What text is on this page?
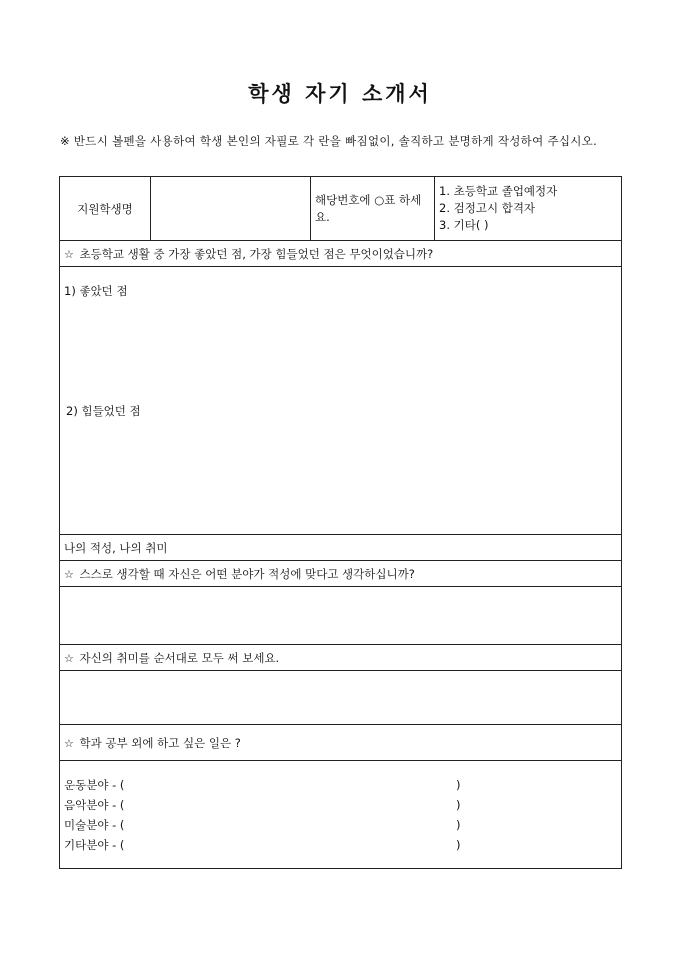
학생 자기 소개서
※ 반드시 볼펜을 사용하여 학생 본인의 자필로 각 란을 빠짐없이, 솔직하고 분명하게 작성하여 주십시오.
지원학생명		해당번호에 ○표 하세요.	
1. 초등학교 졸업예정자
2. 검정고시 합격자
3. 기타( )

☆ 초등학교 생활 중 가장 좋았던 점, 가장 힘들었던 점은 무엇이었습니까?

1) 좋았던 점
2) 힘들었던 점

나의 적성, 나의 취미
☆ 스스로 생각할 때 자신은 어떤 분야가 적성에 맞다고 생각하십니까?

☆ 자신의 취미를 순서대로 모두 써 보세요.

☆ 학과 공부 외에 하고 싶은 일은 ?

운동분야 - (	)
음악분야 - (	)
미술분야 - (	)
기타분야 - (	)
